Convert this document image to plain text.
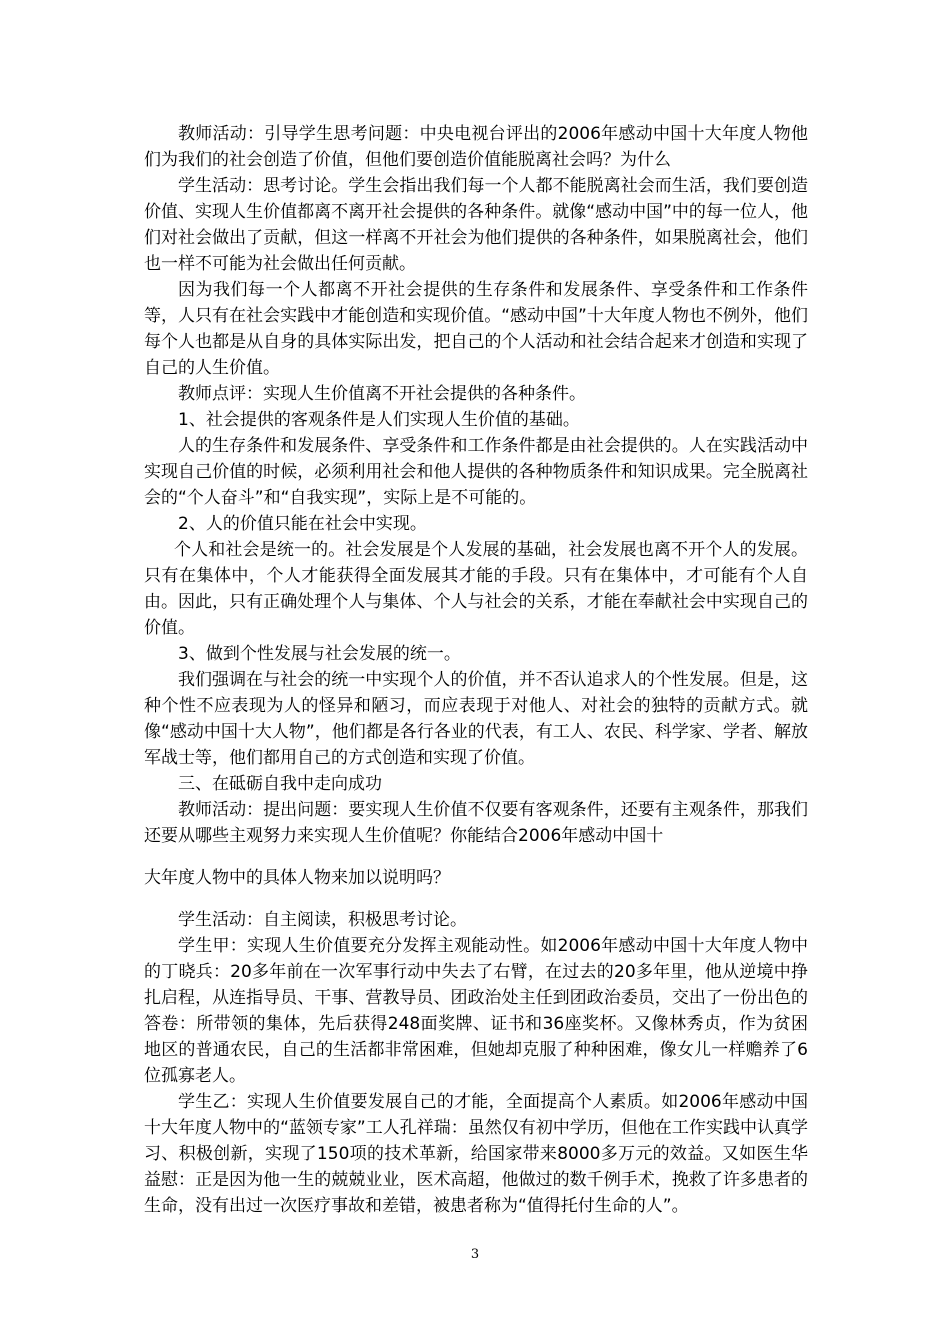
教师活动：引导学生思考问题：中央电视台评出的2006年感动中国十大年度人物他们为我们的社会创造了价值，但他们要创造价值能脱离社会吗？为什么

学生活动：思考讨论。学生会指出我们每一个人都不能脱离社会而生活，我们要创造价值、实现人生价值都离不离开社会提供的各种条件。就像“感动中国”中的每一位人，他们对社会做出了贡献，但这一样离不开社会为他们提供的各种条件，如果脱离社会，他们也一样不可能为社会做出任何贡献。

因为我们每一个人都离不开社会提供的生存条件和发展条件、享受条件和工作条件等，人只有在社会实践中才能创造和实现价值。“感动中国”十大年度人物也不例外，他们每个人也都是从自身的具体实际出发，把自己的个人活动和社会结合起来才创造和实现了自己的人生价值。

教师点评：实现人生价值离不开社会提供的各种条件。

1、社会提供的客观条件是人们实现人生价值的基础。

人的生存条件和发展条件、享受条件和工作条件都是由社会提供的。人在实践活动中实现自己价值的时候，必须利用社会和他人提供的各种物质条件和知识成果。完全脱离社会的“个人奋斗”和“自我实现”，实际上是不可能的。

2、人的价值只能在社会中实现。

个人和社会是统一的。社会发展是个人发展的基础，社会发展也离不开个人的发展。只有在集体中，个人才能获得全面发展其才能的手段。只有在集体中，才可能有个人自由。因此，只有正确处理个人与集体、个人与社会的关系，才能在奉献社会中实现自己的价值。

3、做到个性发展与社会发展的统一。

我们强调在与社会的统一中实现个人的价值，并不否认追求人的个性发展。但是，这种个性不应表现为人的怪异和陋习，而应表现于对他人、对社会的独特的贡献方式。就像“感动中国十大人物”，他们都是各行各业的代表，有工人、农民、科学家、学者、解放军战士等，他们都用自己的方式创造和实现了价值。

三、在砥砺自我中走向成功

教师活动：提出问题：要实现人生价值不仅要有客观条件，还要有主观条件，那我们还要从哪些主观努力来实现人生价值呢？你能结合2006年感动中国十

大年度人物中的具体人物来加以说明吗？

学生活动：自主阅读，积极思考讨论。

学生甲：实现人生价值要充分发挥主观能动性。如2006年感动中国十大年度人物中的丁晓兵：20多年前在一次军事行动中失去了右臂，在过去的20多年里，他从逆境中挣扎启程，从连指导员、干事、营教导员、团政治处主任到团政治委员，交出了一份出色的答卷：所带领的集体，先后获得248面奖牌、证书和36座奖杯。又像林秀贞，作为贫困地区的普通农民，自己的生活都非常困难，但她却克服了种种困难，像女儿一样赡养了6位孤寡老人。

学生乙：实现人生价值要发展自己的才能，全面提高个人素质。如2006年感动中国十大年度人物中的“蓝领专家”工人孔祥瑞：虽然仅有初中学历，但他在工作实践中认真学习、积极创新，实现了150项的技术革新，给国家带来8000多万元的效益。又如医生华益慰：正是因为他一生的兢兢业业，医术高超，他做过的数千例手术，挽救了许多患者的生命，没有出过一次医疗事故和差错，被患者称为“值得托付生命的人”。

3
